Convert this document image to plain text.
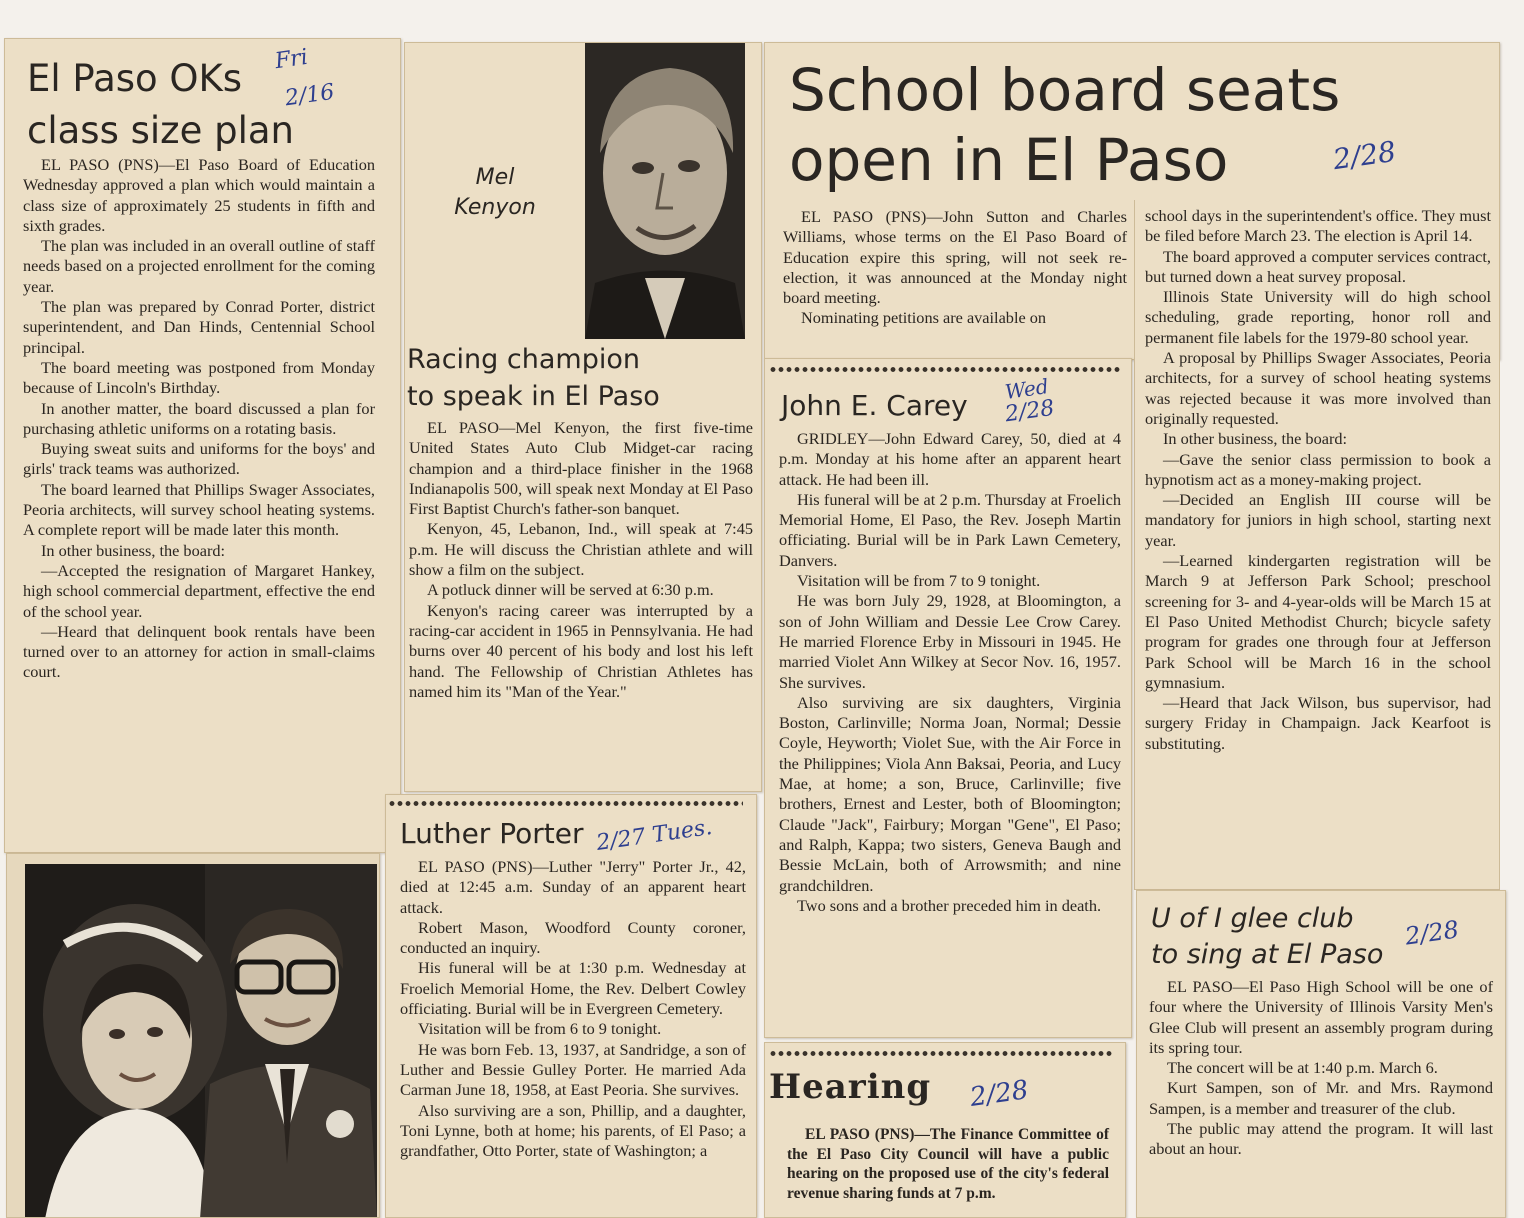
El Paso OKs
class size plan
Fri
2/16

EL PASO (PNS)—El Paso Board of Education Wednesday approved a plan which would maintain a class size of approximately 25 students in fifth and sixth grades.

The plan was included in an overall outline of staff needs based on a projected enrollment for the coming year.

The plan was prepared by Conrad Porter, district superintendent, and Dan Hinds, Centennial School principal.

The board meeting was postponed from Monday because of Lincoln's Birthday.

In another matter, the board discussed a plan for purchasing athletic uniforms on a rotating basis.

Buying sweat suits and uniforms for the boys' and girls' track teams was authorized.

The board learned that Phillips Swager Associates, Peoria architects, will survey school heating systems. A complete report will be made later this month.

In other business, the board:

—Accepted the resignation of Margaret Hankey, high school commercial department, effective the end of the school year.

—Heard that delinquent book rentals have been turned over to an attorney for action in small-claims court.

Mel
Kenyon
Racing champion
to speak in El Paso

EL PASO—Mel Kenyon, the first five-time United States Auto Club Midget-car racing champion and a third-place finisher in the 1968 Indianapolis 500, will speak next Monday at El Paso First Baptist Church's father-son banquet.

Kenyon, 45, Lebanon, Ind., will speak at 7:45 p.m. He will discuss the Christian athlete and will show a film on the subject.

A potluck dinner will be served at 6:30 p.m.

Kenyon's racing career was interrupted by a racing-car accident in 1965 in Pennsylvania. He had burns over 40 percent of his body and lost his left hand. The Fellowship of Christian Athletes has named him its "Man of the Year."

Luther Porter 2/27 Tues.

EL PASO (PNS)—Luther "Jerry" Porter Jr., 42, died at 12:45 a.m. Sunday of an apparent heart attack.

Robert Mason, Woodford County coroner, conducted an inquiry.

His funeral will be at 1:30 p.m. Wednesday at Froelich Memorial Home, the Rev. Delbert Cowley officiating. Burial will be in Evergreen Cemetery.

Visitation will be from 6 to 9 tonight.

He was born Feb. 13, 1937, at Sandridge, a son of Luther and Bessie Gulley Porter. He married Ada Carman June 18, 1958, at East Peoria. She survives.

Also surviving are a son, Phillip, and a daughter, Toni Lynne, both at home; his parents, of El Paso; a grandfather, Otto Porter, state of Washington; a

School board seats
open in El Paso	2/28

EL PASO (PNS)—John Sutton and Charles Williams, whose terms on the El Paso Board of Education expire this spring, will not seek re-election, it was announced at the Monday night board meeting.

Nominating petitions are available on

school days in the superintendent's office. They must be filed before March 23. The election is April 14.

The board approved a computer services contract, but turned down a heat survey proposal.

Illinois State University will do high school scheduling, grade reporting, honor roll and permanent file labels for the 1979-80 school year.

A proposal by Phillips Swager Associates, Peoria architects, for a survey of school heating systems was rejected because it was more involved than originally requested.

In other business, the board:

—Gave the senior class permission to book a hypnotism act as a money-making project.

—Decided an English III course will be mandatory for juniors in high school, starting next year.

—Learned kindergarten registration will be March 9 at Jefferson Park School; preschool screening for 3- and 4-year-olds will be March 15 at El Paso United Methodist Church; bicycle safety program for grades one through four at Jefferson Park School will be March 16 in the school gymnasium.

—Heard that Jack Wilson, bus supervisor, had surgery Friday in Champaign. Jack Kearfoot is substituting.

John E. Carey Wed
2/28

GRIDLEY—John Edward Carey, 50, died at 4 p.m. Monday at his home after an apparent heart attack. He had been ill.

His funeral will be at 2 p.m. Thursday at Froelich Memorial Home, El Paso, the Rev. Joseph Martin officiating. Burial will be in Park Lawn Cemetery, Danvers.

Visitation will be from 7 to 9 tonight.

He was born July 29, 1928, at Bloomington, a son of John William and Dessie Lee Crow Carey. He married Florence Erby in Missouri in 1945. He married Violet Ann Wilkey at Secor Nov. 16, 1957. She survives.

Also surviving are six daughters, Virginia Boston, Carlinville; Norma Joan, Normal; Dessie Coyle, Heyworth; Violet Sue, with the Air Force in the Philippines; Viola Ann Baksai, Peoria, and Lucy Mae, at home; a son, Bruce, Carlinville; five brothers, Ernest and Lester, both of Bloomington; Claude "Jack", Fairbury; Morgan "Gene", El Paso; and Ralph, Kappa; two sisters, Geneva Baugh and Bessie McLain, both of Arrowsmith; and nine grandchildren.

Two sons and a brother preceded him in death.

Hearing 2/28

EL PASO (PNS)—The Finance Committee of the El Paso City Council will have a public hearing on the proposed use of the city's federal revenue sharing funds at 7 p.m.

U of I glee club
to sing at El Paso
2/28

EL PASO—El Paso High School will be one of four where the University of Illinois Varsity Men's Glee Club will present an assembly program during its spring tour.

The concert will be at 1:40 p.m. March 6.

Kurt Sampen, son of Mr. and Mrs. Raymond Sampen, is a member and treasurer of the club.

The public may attend the program. It will last about an hour.
